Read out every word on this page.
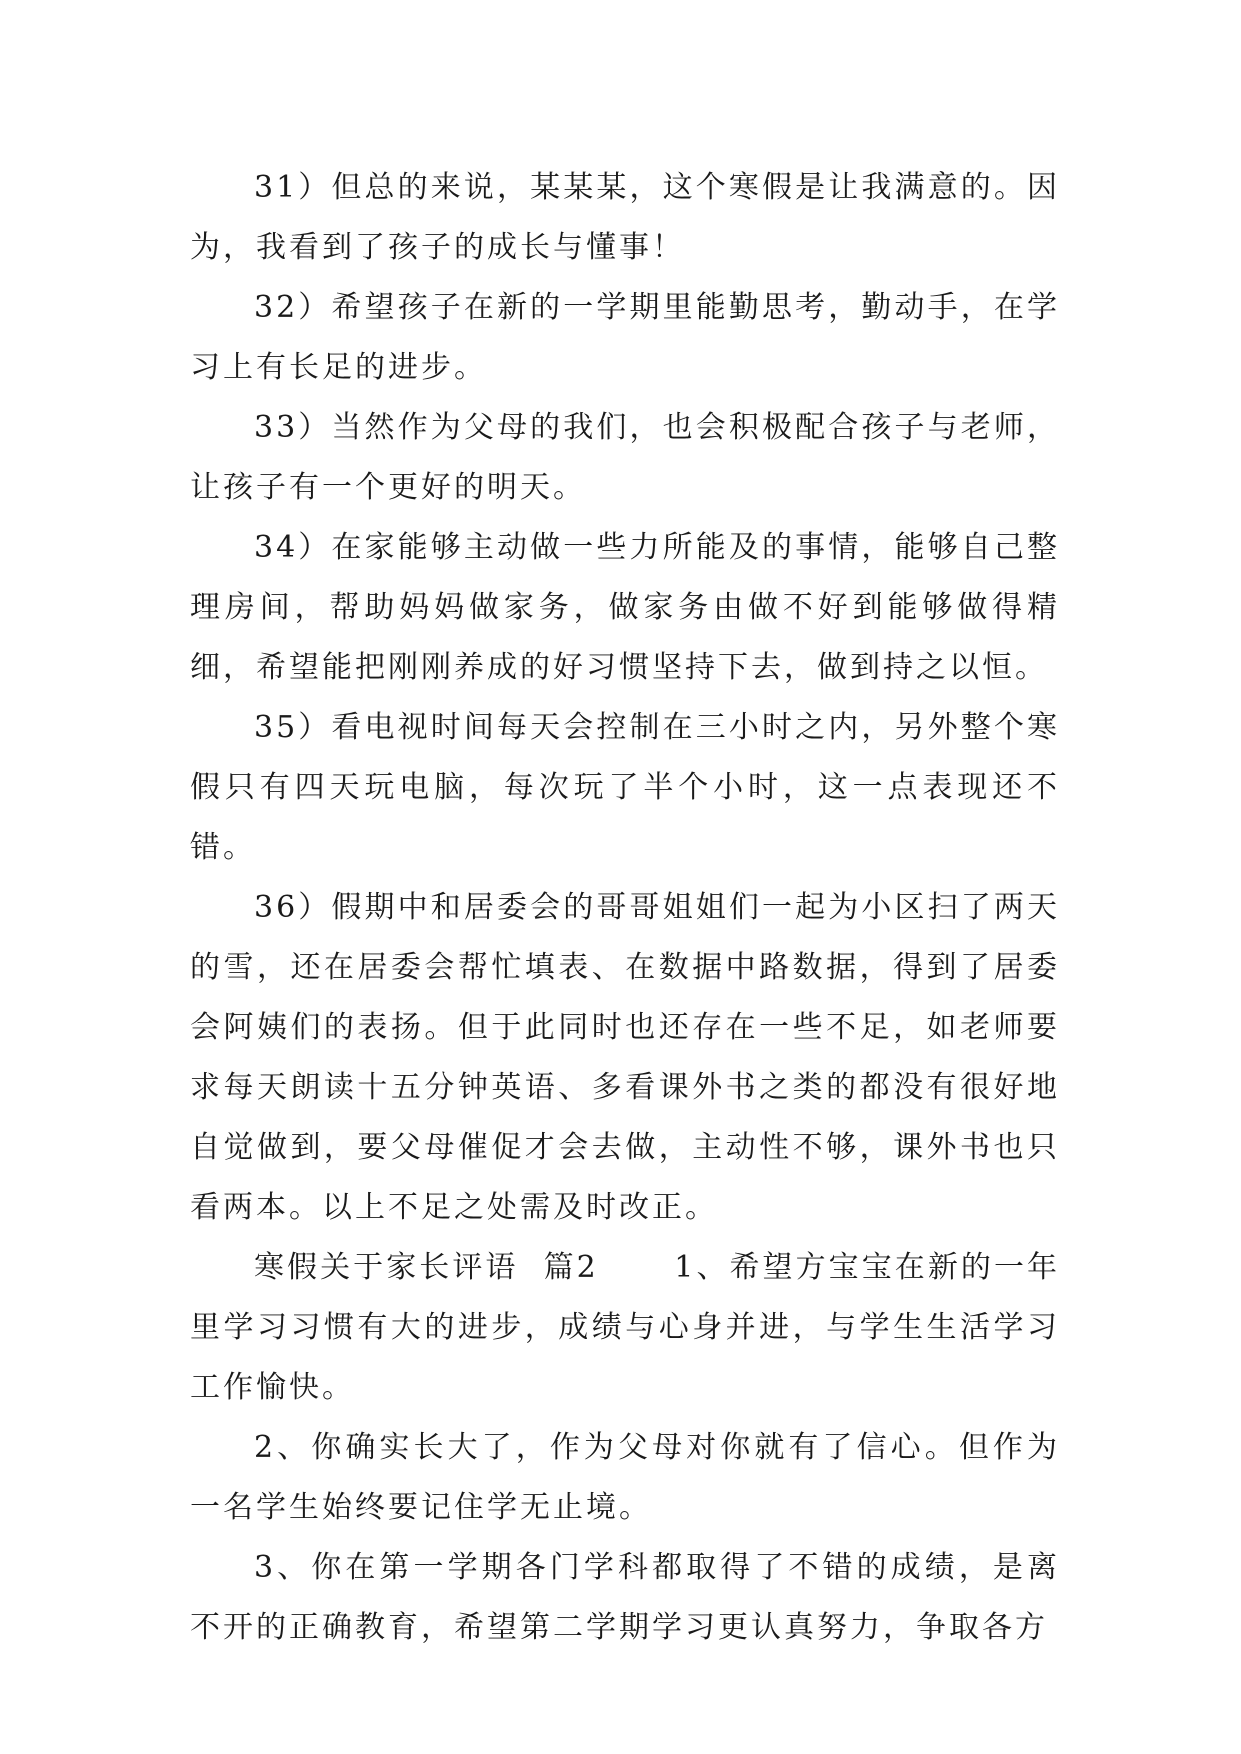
31）但总的来说，某某某，这个寒假是让我满意的。因为，我看到了孩子的成长与懂事！

32）希望孩子在新的一学期里能勤思考，勤动手，在学习上有长足的进步。

33）当然作为父母的我们，也会积极配合孩子与老师，让孩子有一个更好的明天。

34）在家能够主动做一些力所能及的事情，能够自己整理房间，帮助妈妈做家务，做家务由做不好到能够做得精细，希望能把刚刚养成的好习惯坚持下去，做到持之以恒。

35）看电视时间每天会控制在三小时之内，另外整个寒假只有四天玩电脑，每次玩了半个小时，这一点表现还不错。

36）假期中和居委会的哥哥姐姐们一起为小区扫了两天的雪，还在居委会帮忙填表、在数据中路数据，得到了居委会阿姨们的表扬。但于此同时也还存在一些不足，如老师要求每天朗读十五分钟英语、多看课外书之类的都没有很好地自觉做到，要父母催促才会去做，主动性不够，课外书也只看两本。以上不足之处需及时改正。

寒假关于家长评语  篇2      1、希望方宝宝在新的一年里学习习惯有大的进步，成绩与心身并进，与学生生活学习工作愉快。

2、你确实长大了，作为父母对你就有了信心。但作为一名学生始终要记住学无止境。

3、你在第一学期各门学科都取得了不错的成绩，是离不开的正确教育，希望第二学期学习更认真努力，争取各方
